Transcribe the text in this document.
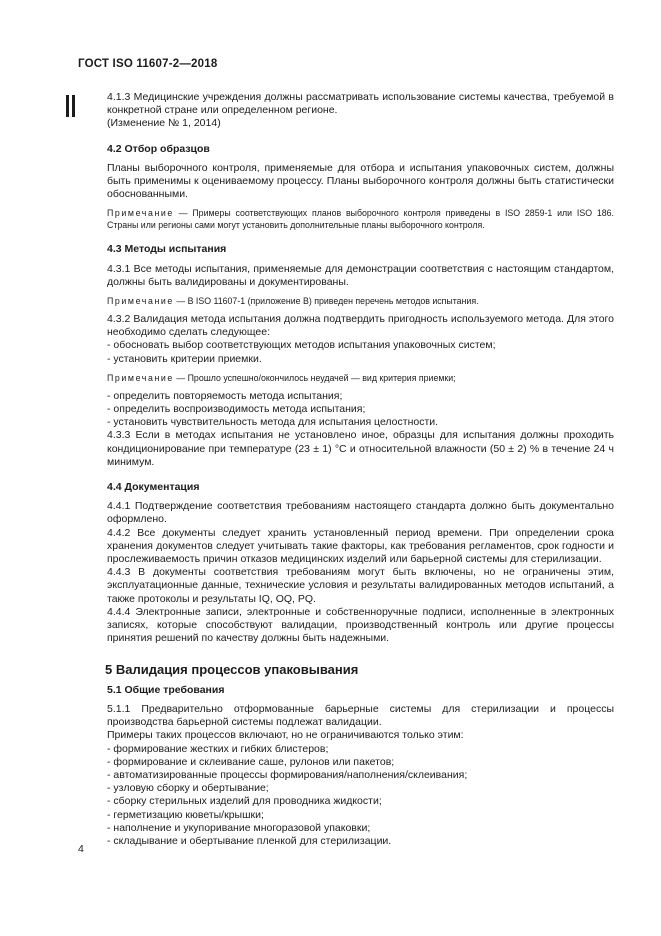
ГОСТ ISO 11607-2—2018

4.1.3 Медицинские учреждения должны рассматривать использование системы качества, требуемой в конкретной стране или определенном регионе.

(Изменение № 1, 2014)

4.2 Отбор образцов

Планы выборочного контроля, применяемые для отбора и испытания упаковочных систем, должны быть применимы к оцениваемому процессу. Планы выборочного контроля должны быть статистически обоснованными.

Примечание — Примеры соответствующих планов выборочного контроля приведены в ISO 2859-1 или ISO 186. Страны или регионы сами могут установить дополнительные планы выборочного контроля.

4.3 Методы испытания

4.3.1 Все методы испытания, применяемые для демонстрации соответствия с настоящим стандартом, должны быть валидированы и документированы.

Примечание — В ISO 11607-1 (приложение В) приведен перечень методов испытания.

4.3.2 Валидация метода испытания должна подтвердить пригодность используемого метода. Для этого необходимо сделать следующее:

- обосновать выбор соответствующих методов испытания упаковочных систем;
- установить критерии приемки.

Примечание — Прошло успешно/окончилось неудачей — вид критерия приемки;

- определить повторяемость метода испытания;
- определить воспроизводимость метода испытания;
- установить чувствительность метода для испытания целостности.

4.3.3 Если в методах испытания не установлено иное, образцы для испытания должны проходить кондиционирование при температуре (23 ± 1) °С и относительной влажности (50 ± 2) % в течение 24 ч минимум.

4.4 Документация

4.4.1 Подтверждение соответствия требованиям настоящего стандарта должно быть документально оформлено.

4.4.2 Все документы следует хранить установленный период времени. При определении срока хранения документов следует учитывать такие факторы, как требования регламентов, срок годности и прослеживаемость причин отказов медицинских изделий или барьерной системы для стерилизации.

4.4.3 В документы соответствия требованиям могут быть включены, но не ограничены этим, эксплуатационные данные, технические условия и результаты валидированных методов испытаний, а также протоколы и результаты IQ, OQ, PQ.

4.4.4 Электронные записи, электронные и собственноручные подписи, исполненные в электронных записях, которые способствуют валидации, производственный контроль или другие процессы принятия решений по качеству должны быть надежными.

5 Валидация процессов упаковывания
5.1 Общие требования

5.1.1 Предварительно отформованные барьерные системы для стерилизации и процессы производства барьерной системы подлежат валидации.

Примеры таких процессов включают, но не ограничиваются только этим:

- формирование жестких и гибких блистеров;
- формирование и склеивание саше, рулонов или пакетов;
- автоматизированные процессы формирования/наполнения/склеивания;
- узловую сборку и обертывание;
- сборку стерильных изделий для проводника жидкости;
- герметизацию кюветы/крышки;
- наполнение и укупоривание многоразовой упаковки;
- складывание и обертывание пленкой для стерилизации.
4
